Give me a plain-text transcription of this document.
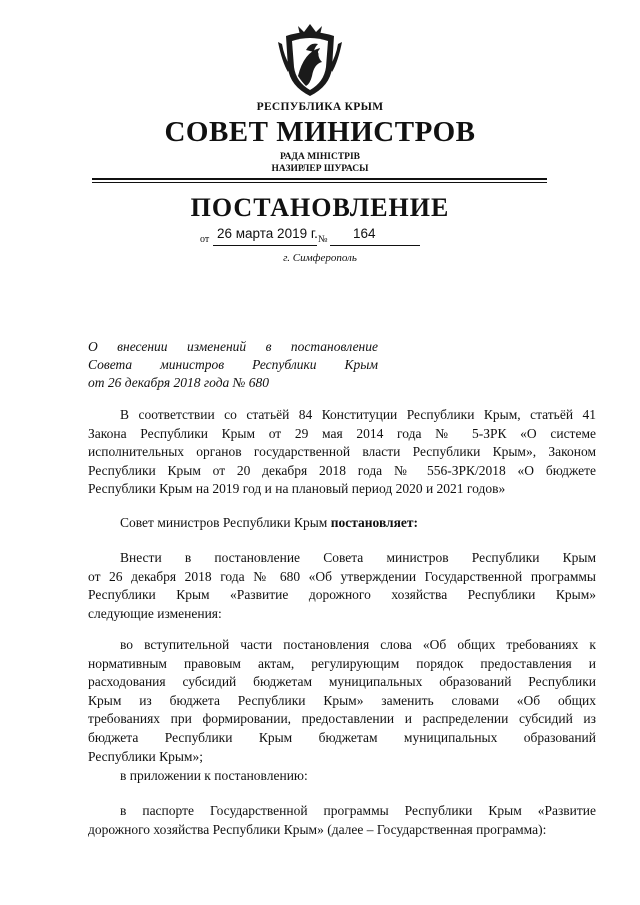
РЕСПУБЛИКА КРЫМ
СОВЕТ МИНИСТРОВ
РАДА МІНІСТРІВ
НАЗИРЛЕР ШУРАСЫ
ПОСТАНОВЛЕНИЕ
26 марта 2019 г.	164
от	№
г. Симферополь
О внесении изменений в постановление
Совета министров Республики Крым
от 26 декабря 2018 года № 680
В соответствии со статьёй 84 Конституции Республики Крым, статьёй 41
Закона Республики Крым от 29 мая 2014 года № 5-ЗРК «О системе
исполнительных органов государственной власти Республики Крым», Законом
Республики Крым от 20 декабря 2018 года № 556-ЗРК/2018 «О бюджете
Республики Крым на 2019 год и на плановый период 2020 и 2021 годов»
Совет министров Республики Крым постановляет:
Внести в постановление Совета министров Республики Крым
от 26 декабря 2018 года № 680 «Об утверждении Государственной программы
Республики Крым «Развитие дорожного хозяйства Республики Крым»
следующие изменения:
во вступительной части постановления слова «Об общих требованиях к
нормативным правовым актам, регулирующим порядок предоставления и
расходования субсидий бюджетам муниципальных образований Республики
Крым из бюджета Республики Крым» заменить словами «Об общих
требованиях при формировании, предоставлении и распределении субсидий из
бюджета Республики Крым бюджетам муниципальных образований
Республики Крым»;
в приложении к постановлению:
в паспорте Государственной программы Республики Крым «Развитие
дорожного хозяйства Республики Крым» (далее – Государственная программа):
